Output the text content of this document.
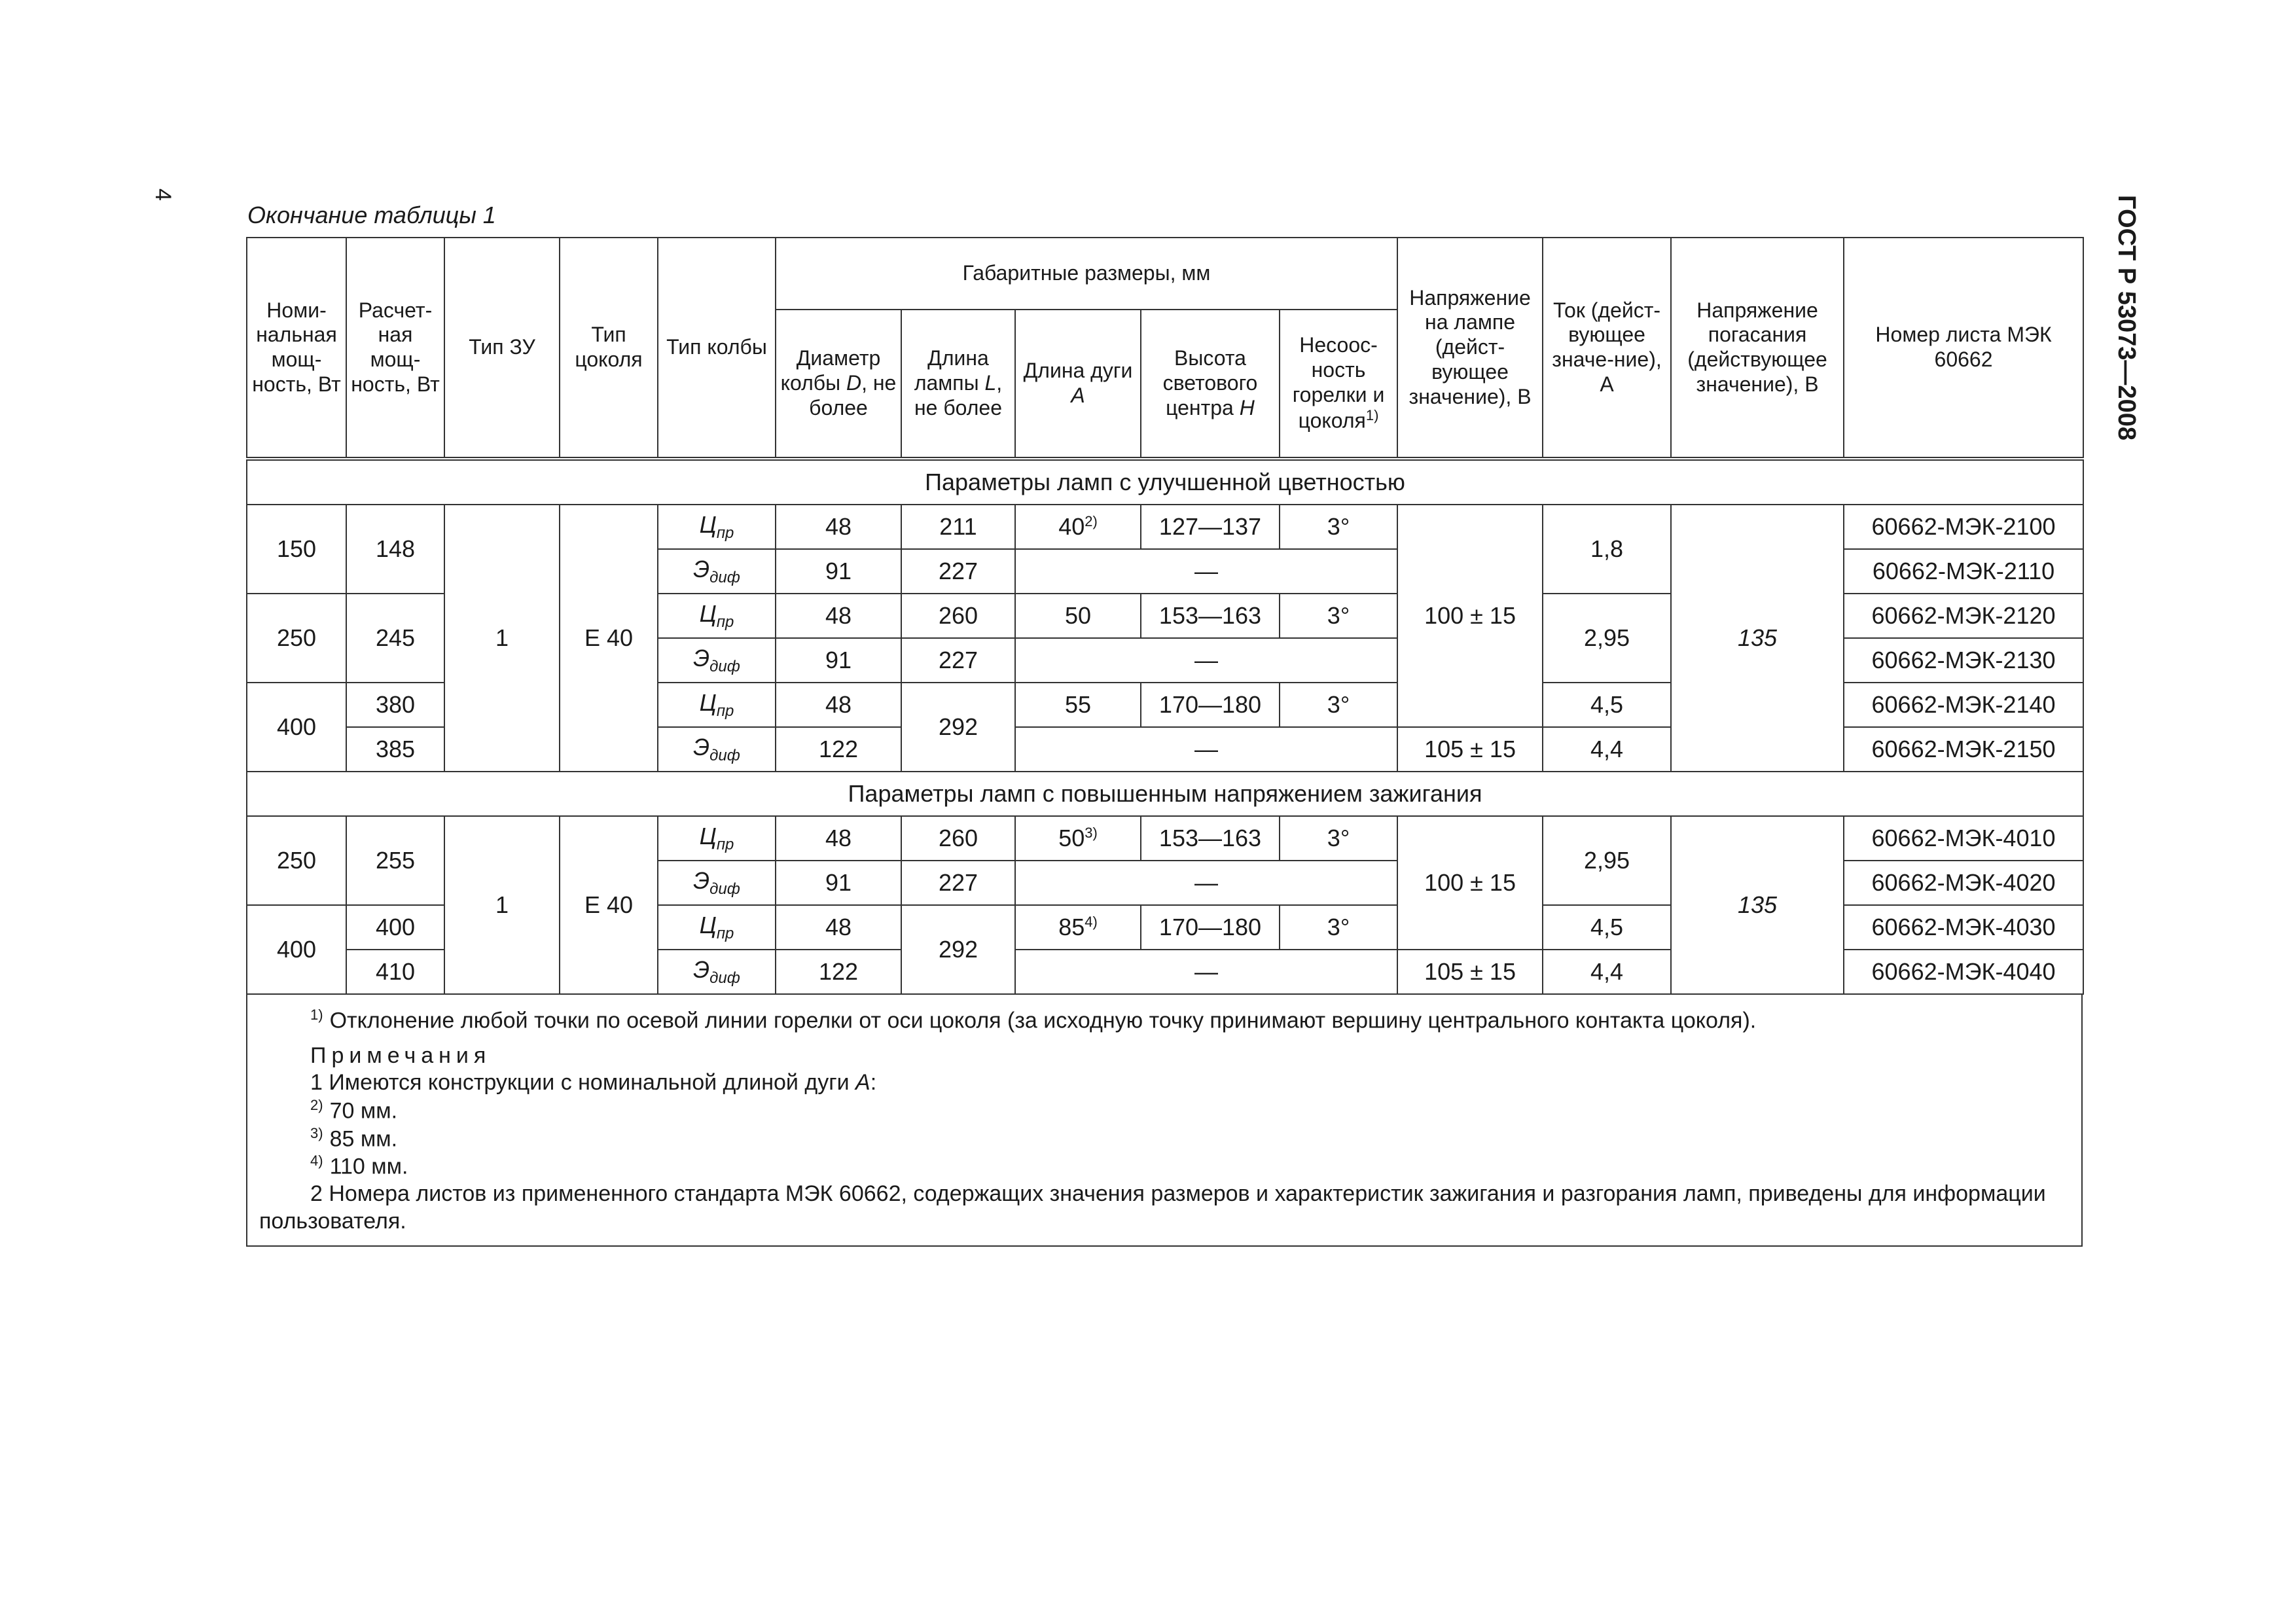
4
ГОСТ Р 53073—2008
Окончание таблицы 1
Номи-нальная мощ-ность, Вт	Расчет-ная мощ-ность, Вт	Тип ЗУ	Тип цоколя	Тип колбы	Габаритные размеры, мм					Напряжение на лампе (дейст-вующее значение), В	Ток (дейст-вующее значе-ние), А	Напряжение погасания (действующее значение), В	Номер листа МЭК 60662
					Диаметр колбы D, не более	Длина лампы L, не более	Длина дуги A	Высота светового центра H	Несоос-ность горелки и цоколя$^{1)}$
Параметры ламп с улучшенной цветностью													
150	148	1	Е 40	$Ц_{пр}$	48	211	40$^{2)}$	127—137	3°	100 ± 15	1,8	135	60662-МЭК-2100
				$Э_{диф}$	91	227	—						60662-МЭК-2110
250	245			$Ц_{пр}$	48	260	50	153—163	3°		2,95		60662-МЭК-2120
				$Э_{диф}$	91	227	—						60662-МЭК-2130
400	380			$Ц_{пр}$	48	292	55	170—180	3°		4,5		60662-МЭК-2140
	385			$Э_{диф}$	122		—			105 ± 15	4,4		60662-МЭК-2150
Параметры ламп с повышенным напряжением зажигания													
250	255	1	Е 40	$Ц_{пр}$	48	260	50$^{3)}$	153—163	3°	100 ± 15	2,95	135	60662-МЭК-4010
				$Э_{диф}$	91	227	—						60662-МЭК-4020
400	400			$Ц_{пр}$	48	292	85$^{4)}$	170—180	3°		4,5		60662-МЭК-4030
	410			$Э_{диф}$	122		—			105 ± 15	4,4		60662-МЭК-4040
$^{1)}$ Отклонение любой точки по осевой линии горелки от оси цоколя (за исходную точку принимают вершину центрального контакта цоколя).
Примечания
1 Имеются конструкции с номинальной длиной дуги A:
$^{2)}$ 70 мм.
$^{3)}$ 85 мм.
$^{4)}$ 110 мм.
2 Номера листов из примененного стандарта МЭК 60662, содержащих значения размеров и характеристик зажигания и разгорания ламп, приведены для информации пользователя.
